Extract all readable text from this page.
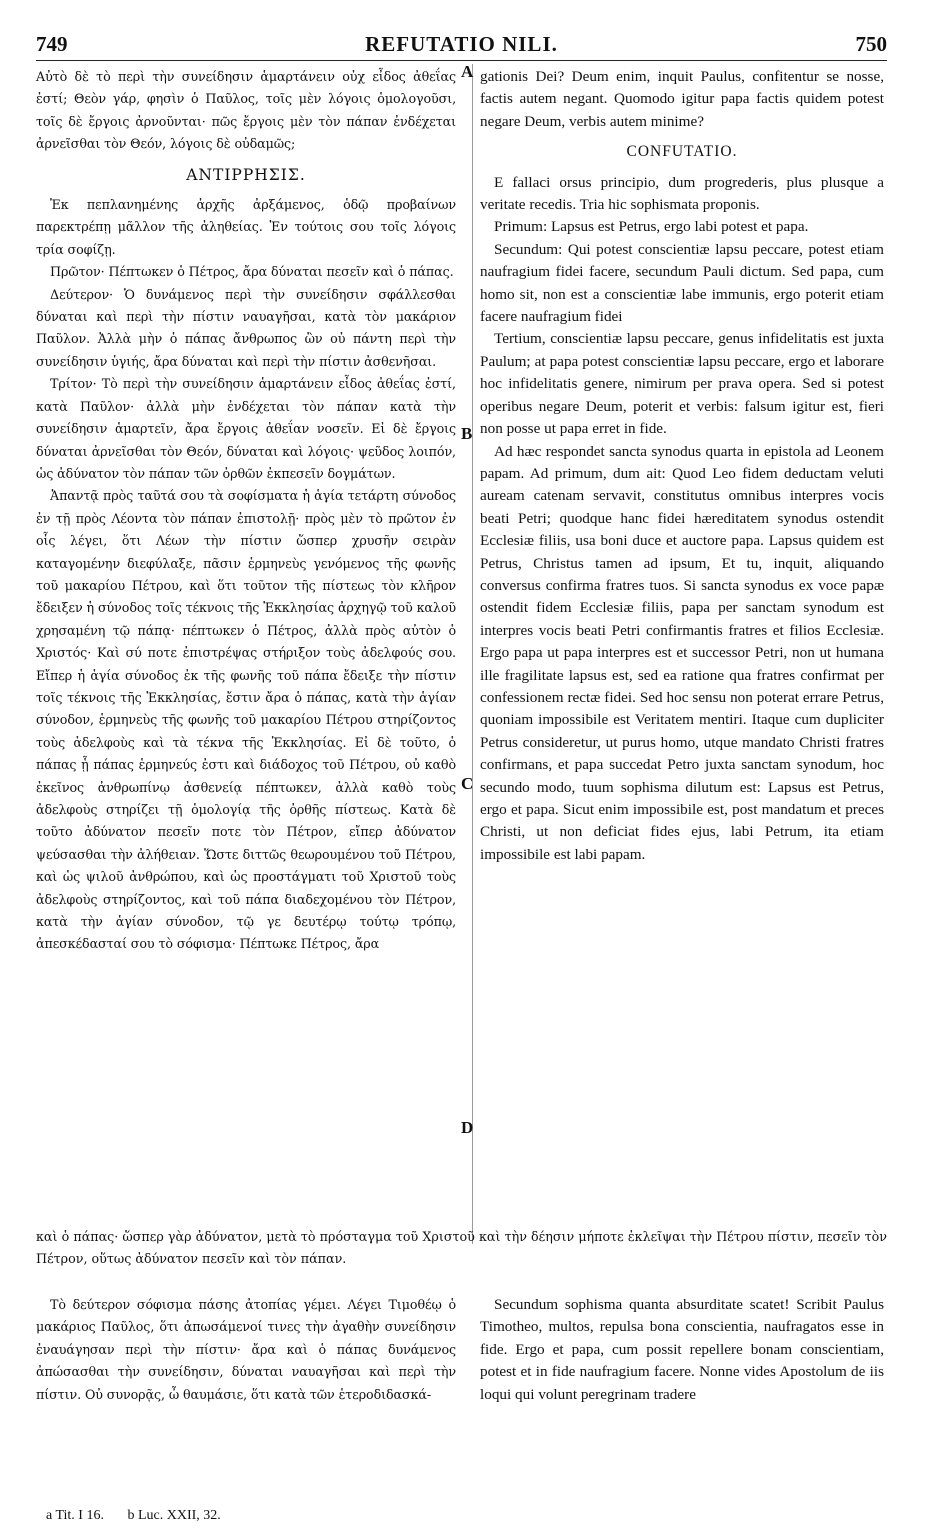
749	REFUTATIO NILI.	750

Αὐτὸ δὲ τὸ περὶ τὴν συνείδησιν ἁμαρτάνειν οὐχ εἶδος ἀθεΐας ἐστί; Θεὸν γάρ, φησὶν ὁ Παῦλος, τοῖς μὲν λόγοις ὁμολογοῦσι, τοῖς δὲ ἔργοις ἀρνοῦνται· πῶς ἔργοις μὲν τὸν πάπαν ἐνδέχεται ἀρνεῖσθαι τὸν Θεόν, λόγοις δὲ οὐδαμῶς;

ΑΝΤΙΡΡΗΣΙΣ.

Ἐκ πεπλανημένης ἀρχῆς ἀρξάμενος, ὁδῷ προβαίνων παρεκτρέπῃ μᾶλλον τῆς ἀληθείας. Ἐν τούτοις σου τοῖς λόγοις τρία σοφίζῃ.

Πρῶτον· Πέπτωκεν ὁ Πέτρος, ἄρα δύναται πεσεῖν καὶ ὁ πάπας.

Δεύτερον· Ὁ δυνάμενος περὶ τὴν συνείδησιν σφάλλεσθαι δύναται καὶ περὶ τὴν πίστιν ναυαγῆσαι, κατὰ τὸν μακάριον Παῦλον. Ἀλλὰ μὴν ὁ πάπας ἄνθρωπος ὢν οὐ πάντη περὶ τὴν συνείδησιν ὑγιής, ἄρα δύναται καὶ περὶ τὴν πίστιν ἀσθενῆσαι.

Τρίτον· Τὸ περὶ τὴν συνείδησιν ἁμαρτάνειν εἶδος ἀθεΐας ἐστί, κατὰ Παῦλον· ἀλλὰ μὴν ἐνδέχεται τὸν πάπαν κατὰ τὴν συνείδησιν ἁμαρτεῖν, ἄρα ἔργοις ἀθεΐαν νοσεῖν. Εἰ δὲ ἔργοις δύναται ἀρνεῖσθαι τὸν Θεόν, δύναται καὶ λόγοις· ψεῦδος λοιπόν, ὡς ἀδύνατον τὸν πάπαν τῶν ὀρθῶν ἐκπεσεῖν δογμάτων.

Ἀπαντᾷ πρὸς ταῦτά σου τὰ σοφίσματα ἡ ἁγία τετάρτη σύνοδος ἐν τῇ πρὸς Λέοντα τὸν πάπαν ἐπιστολῇ· πρὸς μὲν τὸ πρῶτον ἐν οἷς λέγει, ὅτι Λέων τὴν πίστιν ὥσπερ χρυσῆν σειρὰν καταγομένην διεφύλαξε, πᾶσιν ἑρμηνεὺς γενόμενος τῆς φωνῆς τοῦ μακαρίου Πέτρου, καὶ ὅτι τοῦτον τῆς πίστεως τὸν κλῆρον ἔδειξεν ἡ σύνοδος τοῖς τέκνοις τῆς Ἐκκλησίας ἀρχηγῷ τοῦ καλοῦ χρησαμένη τῷ πάπᾳ· πέπτωκεν ὁ Πέτρος, ἀλλὰ πρὸς αὐτὸν ὁ Χριστός· Καὶ σύ ποτε ἐπιστρέψας στήριξον τοὺς ἀδελφούς σου. Εἴπερ ἡ ἁγία σύνοδος ἐκ τῆς φωνῆς τοῦ πάπα ἔδειξε τὴν πίστιν τοῖς τέκνοις τῆς Ἐκκλησίας, ἔστιν ἄρα ὁ πάπας, κατὰ τὴν ἁγίαν σύνοδον, ἑρμηνεὺς τῆς φωνῆς τοῦ μακαρίου Πέτρου στηρίζοντος τοὺς ἀδελφοὺς καὶ τὰ τέκνα τῆς Ἐκκλησίας. Εἰ δὲ τοῦτο, ὁ πάπας ᾗ πάπας ἑρμηνεύς ἐστι καὶ διάδοχος τοῦ Πέτρου, οὐ καθὸ ἐκεῖνος ἀνθρωπίνῳ ἀσθενείᾳ πέπτωκεν, ἀλλὰ καθὸ τοὺς ἀδελφοὺς στηρίζει τῇ ὁμολογίᾳ τῆς ὀρθῆς πίστεως. Κατὰ δὲ τοῦτο ἀδύνατον πεσεῖν ποτε τὸν Πέτρον, εἴπερ ἀδύνατον ψεύσασθαι τὴν ἀλήθειαν. Ὥστε διττῶς θεωρουμένου τοῦ Πέτρου, καὶ ὡς ψιλοῦ ἀνθρώπου, καὶ ὡς προστάγματι τοῦ Χριστοῦ τοὺς ἀδελφοὺς στηρίζοντος, καὶ τοῦ πάπα διαδεχομένου τὸν Πέτρον, κατὰ τὴν ἁγίαν σύνοδον, τῷ γε δευτέρῳ τούτῳ τρόπῳ, ἀπεσκέδασταί σου τὸ σόφισμα· Πέπτωκε Πέτρος, ἄρα

gationis Dei? Deum enim, inquit Paulus, confitentur se nosse, factis autem negant. Quomodo igitur papa factis quidem potest negare Deum, verbis autem minime?

CONFUTATIO.

E fallaci orsus principio, dum progrederis, plus plusque a veritate recedis. Tria hic sophismata proponis.

Primum: Lapsus est Petrus, ergo labi potest et papa.

Secundum: Qui potest conscientiæ lapsu peccare, potest etiam naufragium fidei facere, secundum Pauli dictum. Sed papa, cum homo sit, non est a conscientiæ labe immunis, ergo poterit etiam facere naufragium fidei

Tertium, conscientiæ lapsu peccare, genus infidelitatis est juxta Paulum; at papa potest conscientiæ lapsu peccare, ergo et laborare hoc infidelitatis genere, nimirum per prava opera. Sed si potest operibus negare Deum, poterit et verbis: falsum igitur est, fieri non posse ut papa erret in fide.

Ad hæc respondet sancta synodus quarta in epistola ad Leonem papam. Ad primum, dum ait: Quod Leo fidem deductam veluti auream catenam servavit, constitutus omnibus interpres vocis beati Petri; quodque hanc fidei hæreditatem synodus ostendit Ecclesiæ filiis, usa boni duce et auctore papa. Lapsus quidem est Petrus, Christus tamen ad ipsum, Et tu, inquit, aliquando conversus confirma fratres tuos. Si sancta synodus ex voce papæ ostendit fidem Ecclesiæ filiis, papa per sanctam synodum est interpres vocis beati Petri confirmantis fratres et filios Ecclesiæ. Ergo papa ut papa interpres est et successor Petri, non ut humana ille fragilitate lapsus est, sed ea ratione qua fratres confirmat per confessionem rectæ fidei. Sed hoc sensu non poterat errare Petrus, quoniam impossibile est Veritatem mentiri. Itaque cum dupliciter Petrus consideretur, ut purus homo, utque mandato Christi fratres confirmans, et papa succedat Petro juxta sanctam synodum, hoc secundo modo, tuum sophisma dilutum est: Lapsus est Petrus, ergo et papa. Sicut enim impossibile est, post mandatum et preces Christi, ut non deficiat fides ejus, labi Petrum, ita etiam impossibile est labi papam.

A
B
C
D
καὶ ὁ πάπας· ὥσπερ γὰρ ἀδύνατον, μετὰ τὸ πρόσταγμα τοῦ Χριστοῦ καὶ τὴν δέησιν μήποτε ἐκλεῖψαι τὴν Πέτρου πίστιν, πεσεῖν τὸν Πέτρον, οὕτως ἀδύνατον πεσεῖν καὶ τὸν πάπαν.

Τὸ δεύτερον σόφισμα πάσης ἀτοπίας γέμει. Λέγει Τιμοθέῳ ὁ μακάριος Παῦλος, ὅτι ἀπωσάμενοί τινες τὴν ἀγαθὴν συνείδησιν ἐναυάγησαν περὶ τὴν πίστιν· ἄρα καὶ ὁ πάπας δυνάμενος ἀπώσασθαι τὴν συνείδησιν, δύναται ναυαγῆσαι καὶ περὶ τὴν πίστιν. Οὐ συνορᾷς, ὦ θαυμάσιε, ὅτι κατὰ τῶν ἑτεροδιδασκά-

Secundum sophisma quanta absurditate scatet! Scribit Paulus Timotheo, multos, repulsa bona conscientia, naufragatos esse in fide. Ergo et papa, cum possit repellere bonam conscientiam, potest et in fide naufragium facere. Nonne vides Apostolum de iis loqui qui volunt peregrinam tradere

a Tit. I 16. b Luc. XXII, 32.
